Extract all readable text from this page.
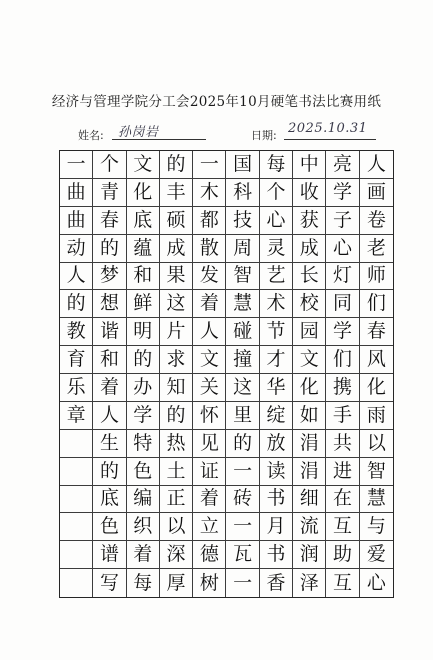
经济与管理学院分工会2025年10月硬笔书法比赛用纸
姓名: 孙岗岩	日期: 2025.10.31
一 个 文 的 一 国 每 中 亮 人
曲 青 化 丰 木 科 个 收 学 画
曲 春 底 硕 都 技 心 获 子 卷
动 的 蕴 成 散 周 灵 成 心 老
人 梦 和 果 发 智 艺 长 灯 师
的 想 鲜 这 着 慧 术 校 同 们
教 谐 明 片 人 碰 节 园 学 春
育 和 的 求 文 撞 才 文 们 风
乐 着 办 知 关 这 华 化 携 化
章 人 学 的 怀 里 绽 如 手 雨
生 特 热 见 的 放 涓 共 以
的 色 土 证 一 读 涓 进 智
底 编 正 着 砖 书 细 在 慧
色 织 以 立 一 月 流 互 与
谱 着 深 德 瓦 书 润 助 爱
写 每 厚 树 一 香 泽 互 心
